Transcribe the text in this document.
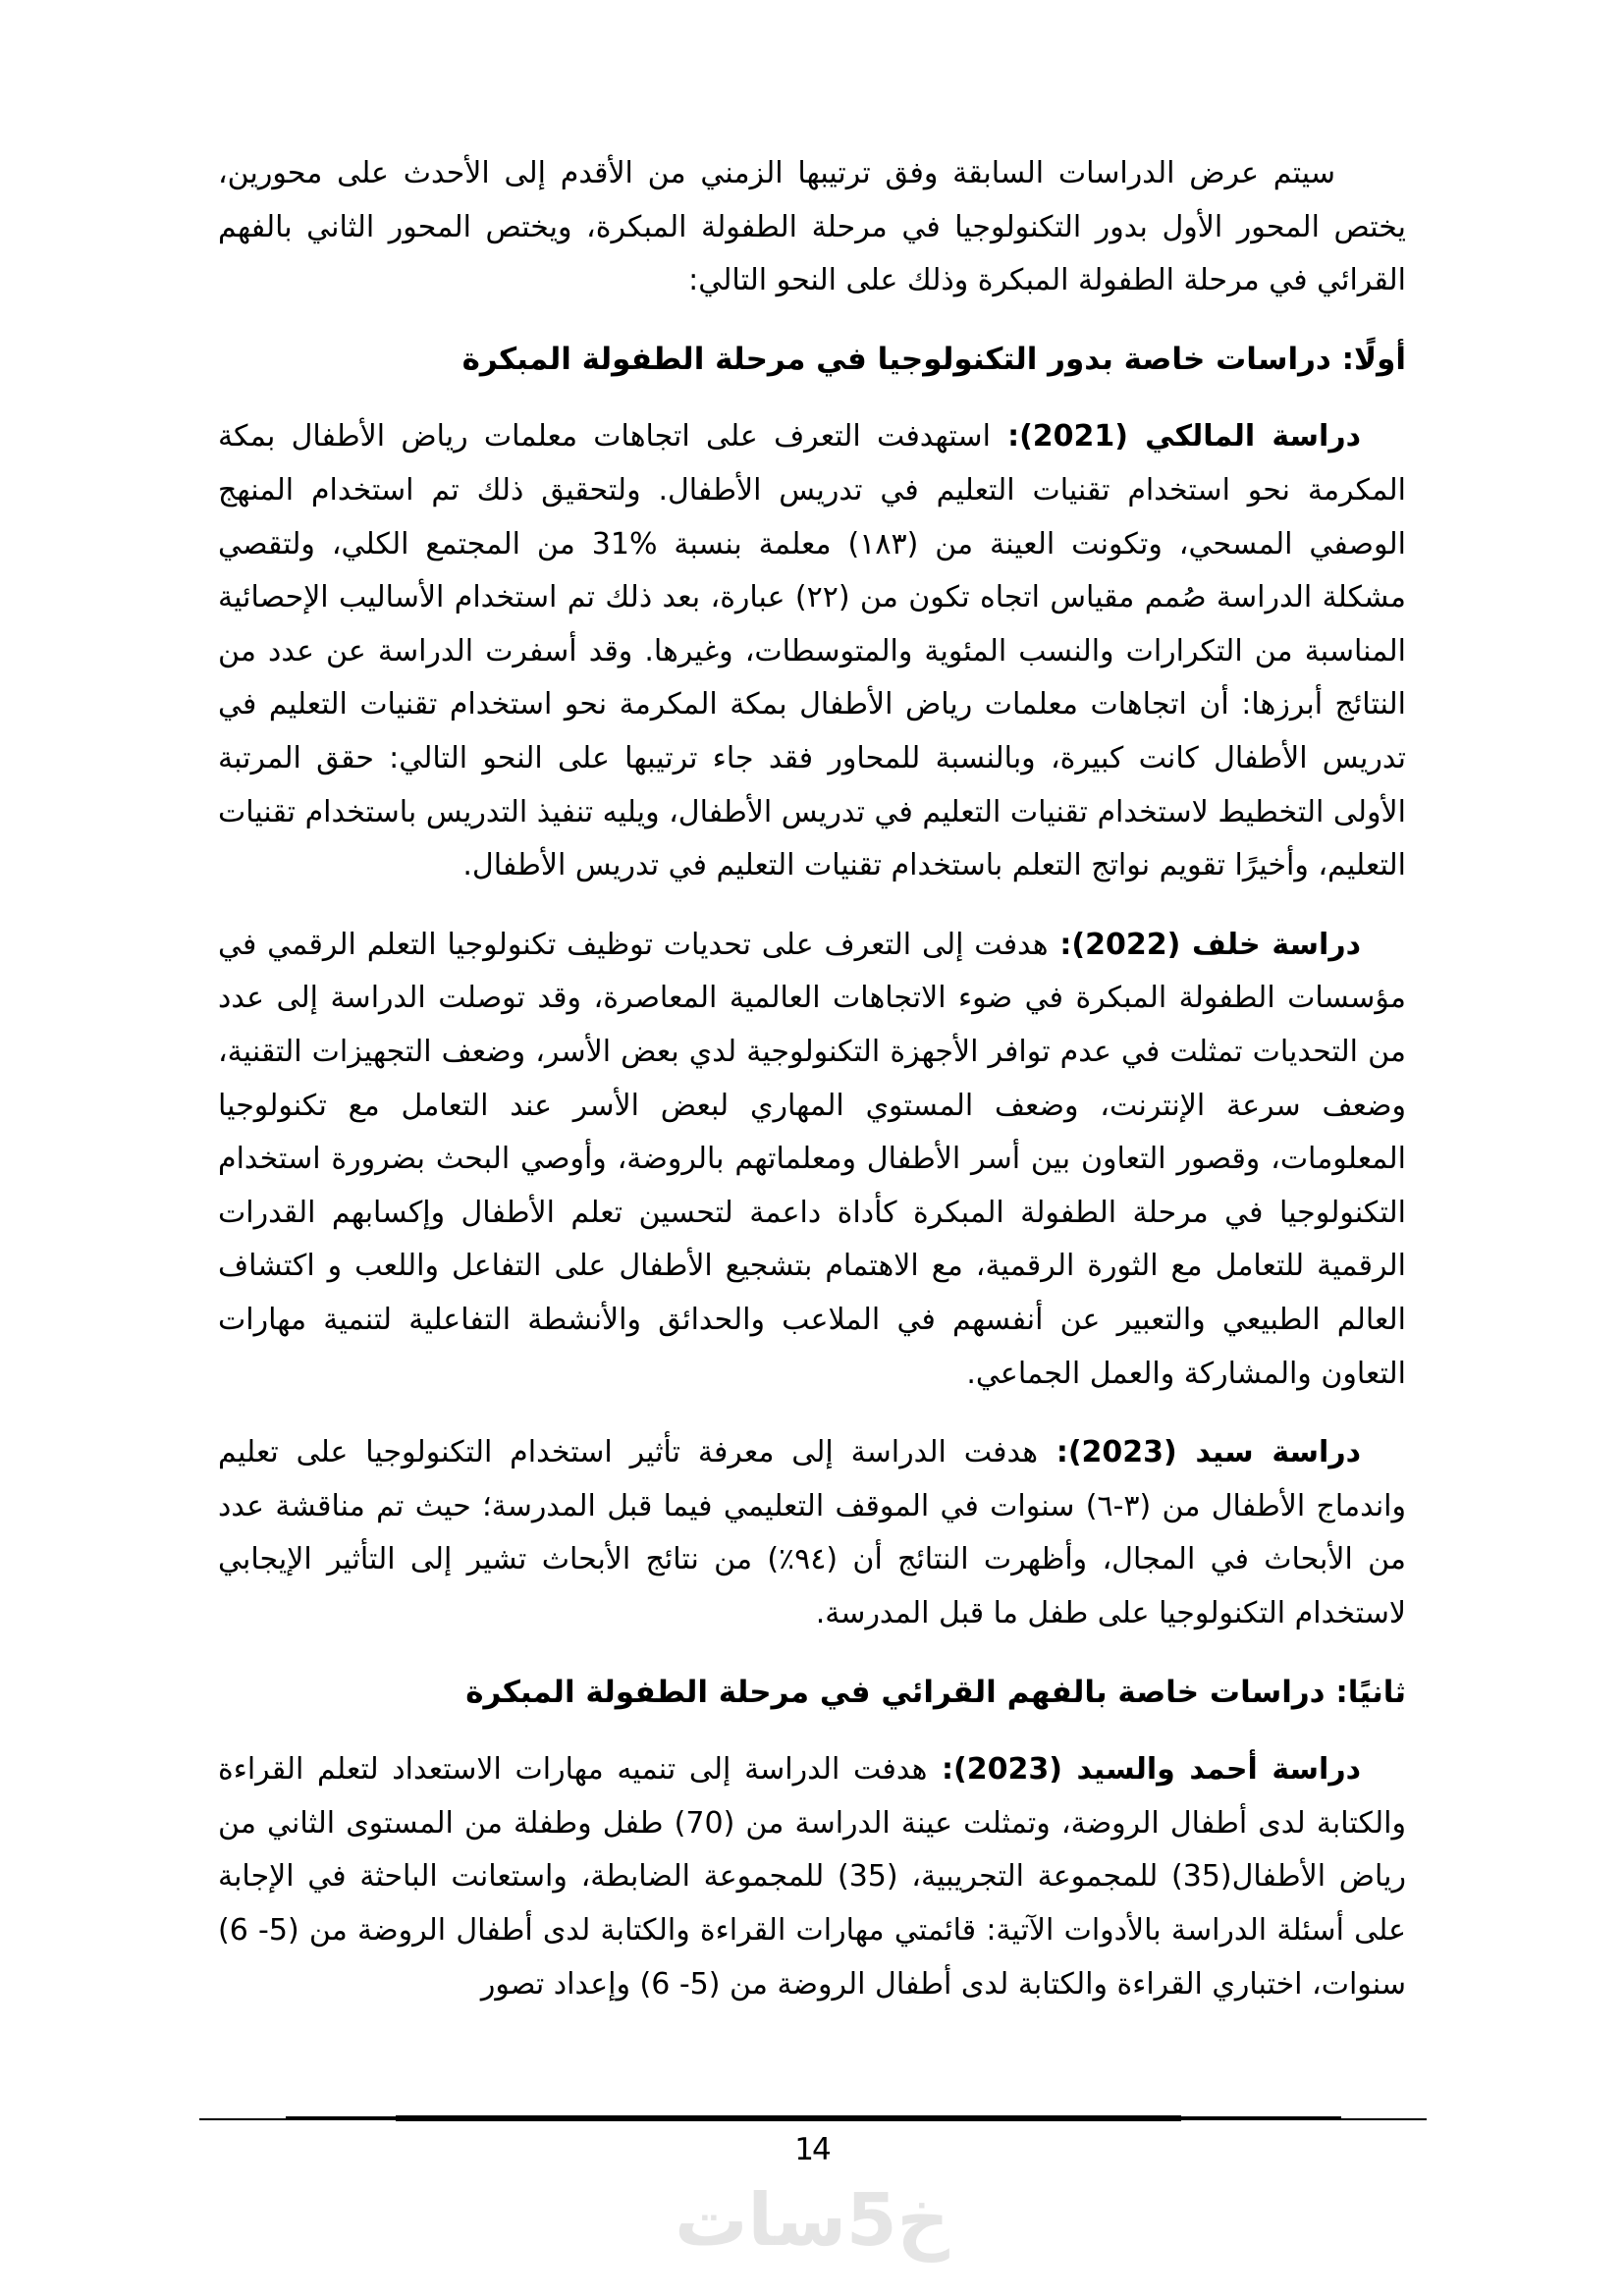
سيتم عرض الدراسات السابقة وفق ترتيبها الزمني من الأقدم إلى الأحدث على محورين، يختص المحور الأول بدور التكنولوجيا في مرحلة الطفولة المبكرة، ويختص المحور الثاني بالفهم القرائي في مرحلة الطفولة المبكرة وذلك على النحو التالي:

أولًا: دراسات خاصة بدور التكنولوجيا في مرحلة الطفولة المبكرة

دراسة المالكي (2021): استهدفت التعرف على اتجاهات معلمات رياض الأطفال بمكة المكرمة نحو استخدام تقنيات التعليم في تدريس الأطفال. ولتحقيق ذلك تم استخدام المنهج الوصفي المسحي، وتكونت العينة من (١٨٣) معلمة بنسبة %31 من المجتمع الكلي، ولتقصي مشكلة الدراسة صُمم مقياس اتجاه تكون من (٢٢) عبارة، بعد ذلك تم استخدام الأساليب الإحصائية المناسبة من التكرارات والنسب المئوية والمتوسطات، وغيرها. وقد أسفرت الدراسة عن عدد من النتائج أبرزها: أن اتجاهات معلمات رياض الأطفال بمكة المكرمة نحو استخدام تقنيات التعليم في تدريس الأطفال كانت كبيرة، وبالنسبة للمحاور فقد جاء ترتيبها على النحو التالي: حقق المرتبة الأولى التخطيط لاستخدام تقنيات التعليم في تدريس الأطفال، ويليه تنفيذ التدريس باستخدام تقنيات التعليم، وأخيرًا تقويم نواتج التعلم باستخدام تقنيات التعليم في تدريس الأطفال.

دراسة خلف (2022): هدفت إلى التعرف على تحديات توظيف تكنولوجيا التعلم الرقمي في مؤسسات الطفولة المبكرة في ضوء الاتجاهات العالمية المعاصرة، وقد توصلت الدراسة إلى عدد من التحديات تمثلت في عدم توافر الأجهزة التكنولوجية لدي بعض الأسر، وضعف التجهيزات التقنية، وضعف سرعة الإنترنت، وضعف المستوي المهاري لبعض الأسر عند التعامل مع تكنولوجيا المعلومات، وقصور التعاون بين أسر الأطفال ومعلماتهم بالروضة، وأوصي البحث بضرورة استخدام التكنولوجيا في مرحلة الطفولة المبكرة كأداة داعمة لتحسين تعلم الأطفال وإكسابهم القدرات الرقمية للتعامل مع الثورة الرقمية، مع الاهتمام بتشجيع الأطفال على التفاعل واللعب و اكتشاف العالم الطبيعي والتعبير عن أنفسهم في الملاعب والحدائق والأنشطة التفاعلية لتنمية مهارات التعاون والمشاركة والعمل الجماعي.

دراسة سيد (2023): هدفت الدراسة إلى معرفة تأثير استخدام التكنولوجيا على تعليم واندماج الأطفال من (٣-٦) سنوات في الموقف التعليمي فيما قبل المدرسة؛ حيث تم مناقشة عدد من الأبحاث في المجال، وأظهرت النتائج أن (٩٤٪) من نتائج الأبحاث تشير إلى التأثير الإيجابي لاستخدام التكنولوجيا على طفل ما قبل المدرسة.

ثانيًا: دراسات خاصة بالفهم القرائي في مرحلة الطفولة المبكرة

دراسة أحمد والسيد (2023): هدفت الدراسة إلى تنميه مهارات الاستعداد لتعلم القراءة والكتابة لدى أطفال الروضة، وتمثلت عينة الدراسة من (70) طفل وطفلة من المستوى الثاني من رياض الأطفال(35) للمجموعة التجريبية، (35) للمجموعة الضابطة، واستعانت الباحثة في الإجابة على أسئلة الدراسة بالأدوات الآتية: قائمتي مهارات القراءة والكتابة لدى أطفال الروضة من (5- 6) سنوات، اختباري القراءة والكتابة لدى أطفال الروضة من (5- 6) وإعداد تصور

14
خ5سات
